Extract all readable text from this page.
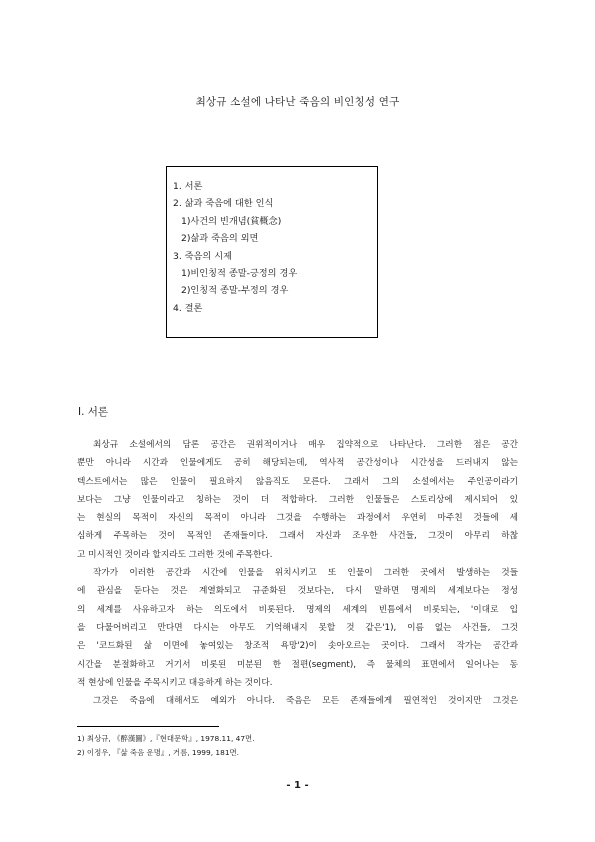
최상규 소설에 나타난 죽음의 비인칭성 연구
1. 서론
2. 삶과 죽음에 대한 인식
1)사건의 빈개념(貧概念)
2)삶과 죽음의 외면
3. 죽음의 시제
1)비인칭적 종말-긍정의 경우
2)인칭적 종말-부정의 경우
4. 결론
Ⅰ. 서론
최상규 소설에서의 담론 공간은 권위적이거나 매우 집약적으로 나타난다. 그러한 점은 공간
뿐만 아니라 시간과 인물에게도 공히 해당되는데, 역사적 공간성이나 시간성을 드러내지 않는
텍스트에서는 많은 인물이 필요하지 않음직도 모른다. 그래서 그의 소설에서는 주인공이라기
보다는 그냥 인물이라고 칭하는 것이 더 적합하다. 그러한 인물들은 스토리상에 제시되어 있
는 현실의 목적이 자신의 목적이 아니라 그것을 수행하는 과정에서 우연히 마주친 것들에 세
심하게 주목하는 것이 목적인 존재들이다. 그래서 자신과 조우한 사건들, 그것이 아무리 하찮
고 미시적인 것이라 할지라도 그러한 것에 주목한다.
작가가 이러한 공간과 시간에 인물을 위치시키고 또 인물이 그러한 곳에서 발생하는 것들
에 관심을 둔다는 것은 계열화되고 규준화된 것보다는, 다시 말하면 명제의 세계보다는 정성
의 세계를 사유하고자 하는 의도에서 비롯된다. 명제의 세계의 빈틈에서 비롯되는, '이대로 입
을 다물어버리고 만다면 다시는 아무도 기억해내지 못할 것 같은'1), 이름 없는 사건들, 그것
은 '코드화된 삶 이면에 놓여있는 창조적 욕망'2)이 솟아오르는 곳이다. 그래서 작가는 공간과
시간을 분절화하고 거기서 비롯된 미분된 한 절편(segment), 즉 물체의 표면에서 일어나는 동
적 현상에 인물을 주목시키고 대응하게 하는 것이다.
그것은 죽음에 대해서도 예외가 아니다. 죽음은 모든 존재들에게 필연적인 것이지만 그것은
1) 최상규, 《醉漢圖》,『현대문학』, 1978.11, 47면.
2) 이정우, 『삶 죽음 운명』, 거름, 1999, 181면.
- 1 -
